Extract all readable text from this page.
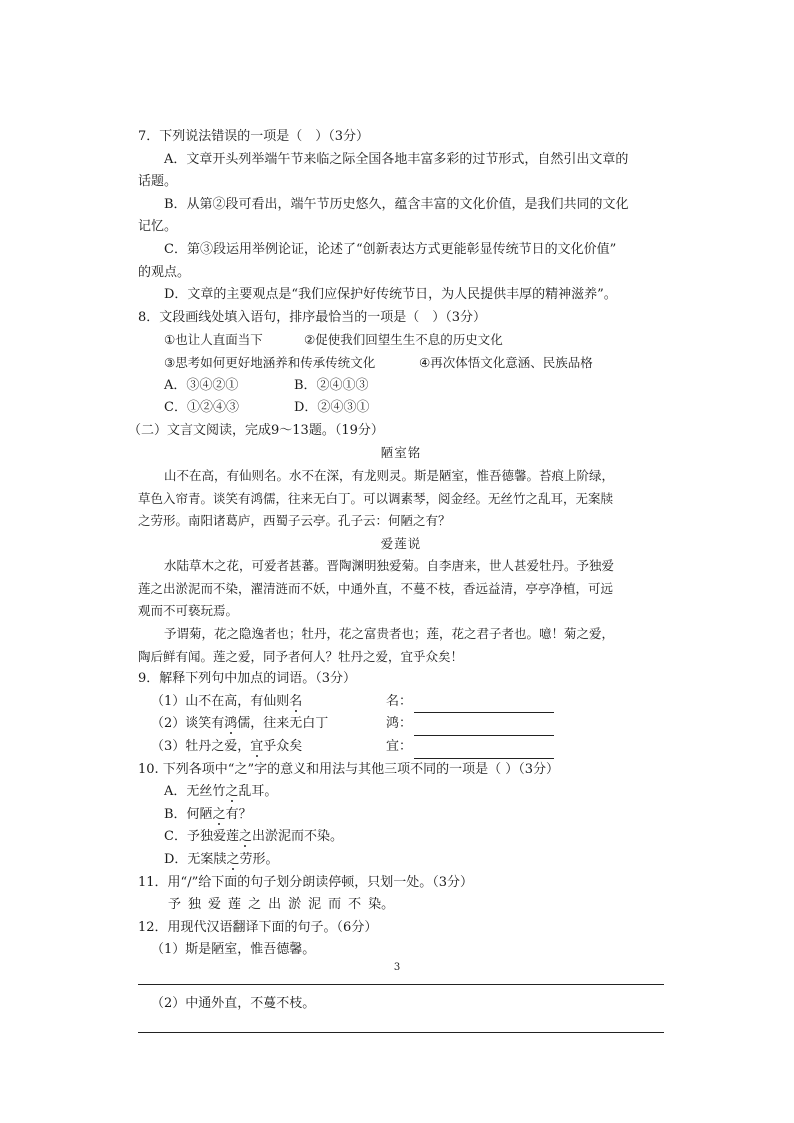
7．下列说法错误的一项是（　）（3分）
A．文章开头列举端午节来临之际全国各地丰富多彩的过节形式，自然引出文章的
话题。
B．从第②段可看出，端午节历史悠久，蕴含丰富的文化价值，是我们共同的文化
记忆。
C．第③段运用举例论证，论述了“创新表达方式更能彰显传统节日的文化价值”
的观点。
D．文章的主要观点是“我们应保护好传统节日，为人民提供丰厚的精神滋养”。
8．文段画线处填入语句，排序最恰当的一项是（　）（3分）
①也让人直面当下	②促使我们回望生生不息的历史文化
③思考如何更好地涵养和传承传统文化	④再次体悟文化意涵、民族品格
A．③④②①	B．②④①③
C．①②④③	D．②④③①
（二）文言文阅读，完成9～13题。（19分）
陋室铭
山不在高，有仙则名。水不在深，有龙则灵。斯是陋室，惟吾德馨。苔痕上阶绿，
草色入帘青。谈笑有鸿儒，往来无白丁。可以调素琴，阅金经。无丝竹之乱耳，无案牍
之劳形。南阳诸葛庐，西蜀子云亭。孔子云：何陋之有？
爱莲说
水陆草木之花，可爱者甚蕃。晋陶渊明独爱菊。自李唐来，世人甚爱牡丹。予独爱
莲之出淤泥而不染，濯清涟而不妖，中通外直，不蔓不枝，香远益清，亭亭净植，可远
观而不可亵玩焉。
予谓菊，花之隐逸者也；牡丹，花之富贵者也；莲，花之君子者也。噫！菊之爱，
陶后鲜有闻。莲之爱，同予者何人？牡丹之爱，宜乎众矣！
9．解释下列句中加点的词语。（3分）
（1）山不在高，有仙则名	名：
（2）谈笑有鸿儒，往来无白丁	鸿：
（3）牡丹之爱，宜乎众矣	宜：
10. 下列各项中“之”字的意义和用法与其他三项不同的一项是（ ）（3分）
A．无丝竹之乱耳。
B．何陋之有？
C．予独爱莲之出淤泥而不染。
D．无案牍之劳形。
11．用“/”给下面的句子划分朗读停顿，只划一处。（3分）
予 独 爱 莲 之 出 淤 泥 而 不 染。
12．用现代汉语翻译下面的句子。（6分）
（1）斯是陋室，惟吾德馨。
（2）中通外直，不蔓不枝。
3
